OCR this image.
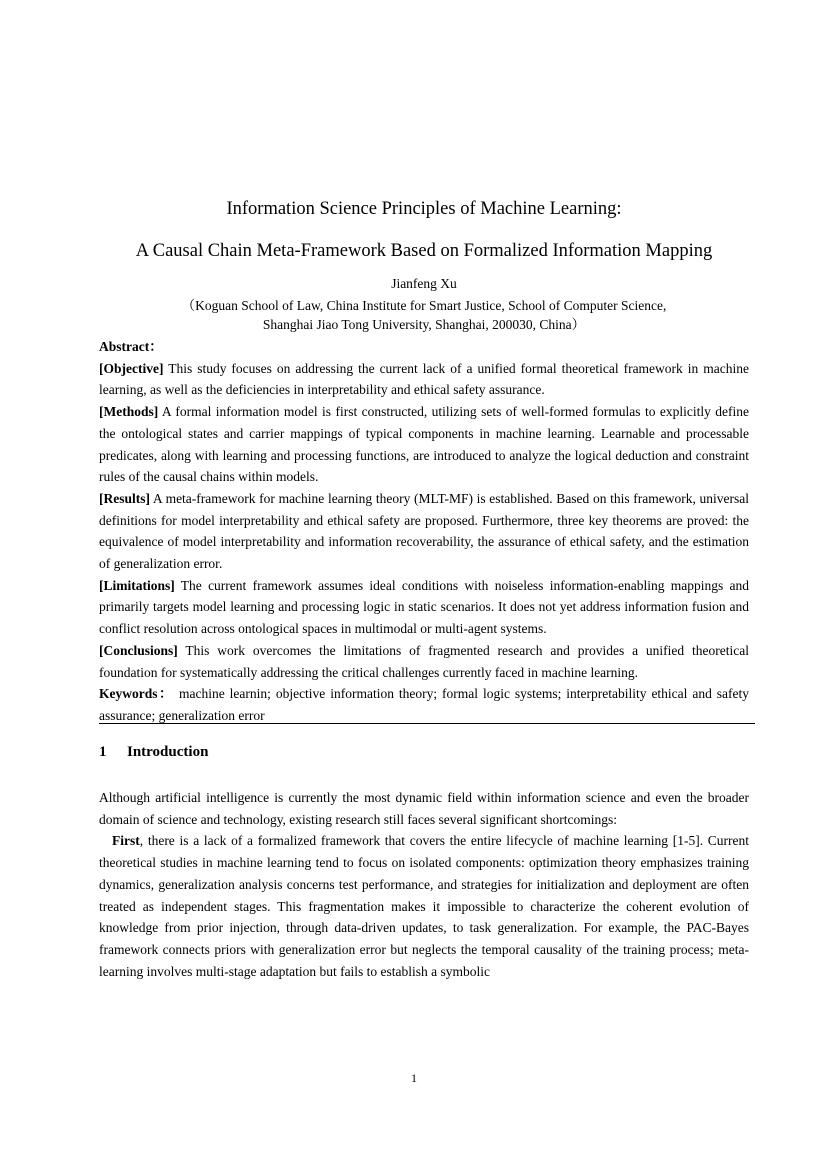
Information Science Principles of Machine Learning:
A Causal Chain Meta-Framework Based on Formalized Information Mapping
Jianfeng Xu
（Koguan School of Law, China Institute for Smart Justice, School of Computer Science,
Shanghai Jiao Tong University, Shanghai, 200030, China）

Abstract：

[Objective] This study focuses on addressing the current lack of a unified formal theoretical framework in machine learning, as well as the deficiencies in interpretability and ethical safety assurance.

[Methods] A formal information model is first constructed, utilizing sets of well-formed formulas to explicitly define the ontological states and carrier mappings of typical components in machine learning. Learnable and processable predicates, along with learning and processing functions, are introduced to analyze the logical deduction and constraint rules of the causal chains within models.

[Results] A meta-framework for machine learning theory (MLT-MF) is established. Based on this framework, universal definitions for model interpretability and ethical safety are proposed. Furthermore, three key theorems are proved: the equivalence of model interpretability and information recoverability, the assurance of ethical safety, and the estimation of generalization error.

[Limitations] The current framework assumes ideal conditions with noiseless information-enabling mappings and primarily targets model learning and processing logic in static scenarios. It does not yet address information fusion and conflict resolution across ontological spaces in multimodal or multi-agent systems.

[Conclusions] This work overcomes the limitations of fragmented research and provides a unified theoretical foundation for systematically addressing the critical challenges currently faced in machine learning.

Keywords： machine learnin; objective information theory; formal logic systems; interpretability ethical and safety assurance; generalization error

1 Introduction

Although artificial intelligence is currently the most dynamic field within information science and even the broader domain of science and technology, existing research still faces several significant shortcomings:

First, there is a lack of a formalized framework that covers the entire lifecycle of machine learning [1-5]. Current theoretical studies in machine learning tend to focus on isolated components: optimization theory emphasizes training dynamics, generalization analysis concerns test performance, and strategies for initialization and deployment are often treated as independent stages. This fragmentation makes it impossible to characterize the coherent evolution of knowledge from prior injection, through data-driven updates, to task generalization. For example, the PAC-Bayes framework connects priors with generalization error but neglects the temporal causality of the training process; meta-learning involves multi-stage adaptation but fails to establish a symbolic

1
